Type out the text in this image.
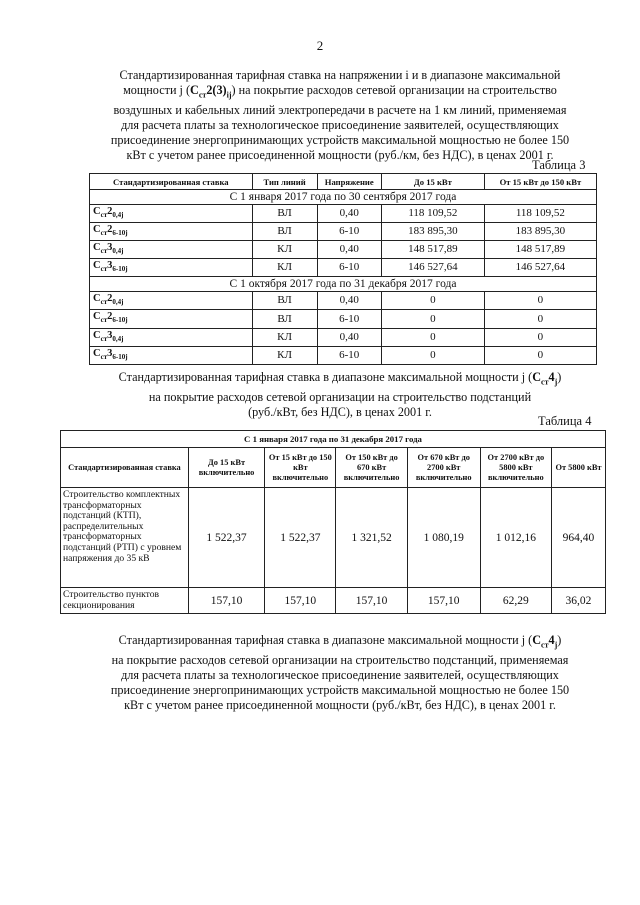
2
Стандартизированная тарифная ставка на напряжении i и в диапазоне максимальной
мощности j $(С_{ст}2(3)_{ij})$ на покрытие расходов сетевой организации на строительство
воздушных и кабельных линий электропередачи в расчете на 1 км линий, применяемая
для расчета платы за технологическое присоединение заявителей, осуществляющих
присоединение энергопринимающих устройств максимальной мощностью не более 150
кВт с учетом ранее присоединенной мощности (руб./км, без НДС), в ценах 2001 г.
Таблица 3
Стандартизированная ставка	Тип линий	Напряжение	До 15 кВт	От 15 кВт до 150 кВт
С 1 января 2017 года по 30 сентября 2017 года				
$С_{ст}2_{0,4j}$	ВЛ	0,40	118 109,52	118 109,52
$С_{ст}2_{6-10j}$	ВЛ	6-10	183 895,30	183 895,30
$С_{ст}3_{0,4j}$	КЛ	0,40	148 517,89	148 517,89
$С_{ст}3_{6-10j}$	КЛ	6-10	146 527,64	146 527,64
С 1 октября 2017 года по 31 декабря 2017 года				
$С_{ст}2_{0,4j}$	ВЛ	0,40	0	0
$С_{ст}2_{6-10j}$	ВЛ	6-10	0	0
$С_{ст}3_{0,4j}$	КЛ	0,40	0	0
$С_{ст}3_{6-10j}$	КЛ	6-10	0	0
Стандартизированная тарифная ставка в диапазоне максимальной мощности j $(С_{ст}4_j)$
на покрытие расходов сетевой организации на строительство подстанций
(руб./кВт, без НДС), в ценах 2001 г.
Таблица 4
С 1 января 2017 года по 31 декабря 2017 года						
Стандартизированная ставка	До 15 кВт включительно	От 15 кВт до 150 кВт включительно	От 150 кВт до 670 кВт включительно	От 670 кВт до 2700 кВт включительно	От 2700 кВт до 5800 кВт включительно	От 5800 кВт
Строительство комплектных трансформаторных подстанций (КТП), распределительных трансформаторных подстанций (РТП) с уровнем напряжения до 35 кВ	1 522,37	1 522,37	1 321,52	1 080,19	1 012,16	964,40
Строительство пунктов секционирования	157,10	157,10	157,10	157,10	62,29	36,02
Стандартизированная тарифная ставка в диапазоне максимальной мощности j $(С_{ст}4_j)$
на покрытие расходов сетевой организации на строительство подстанций, применяемая
для расчета платы за технологическое присоединение заявителей, осуществляющих
присоединение энергопринимающих устройств максимальной мощностью не более 150
кВт с учетом ранее присоединенной мощности (руб./кВт, без НДС), в ценах 2001 г.
